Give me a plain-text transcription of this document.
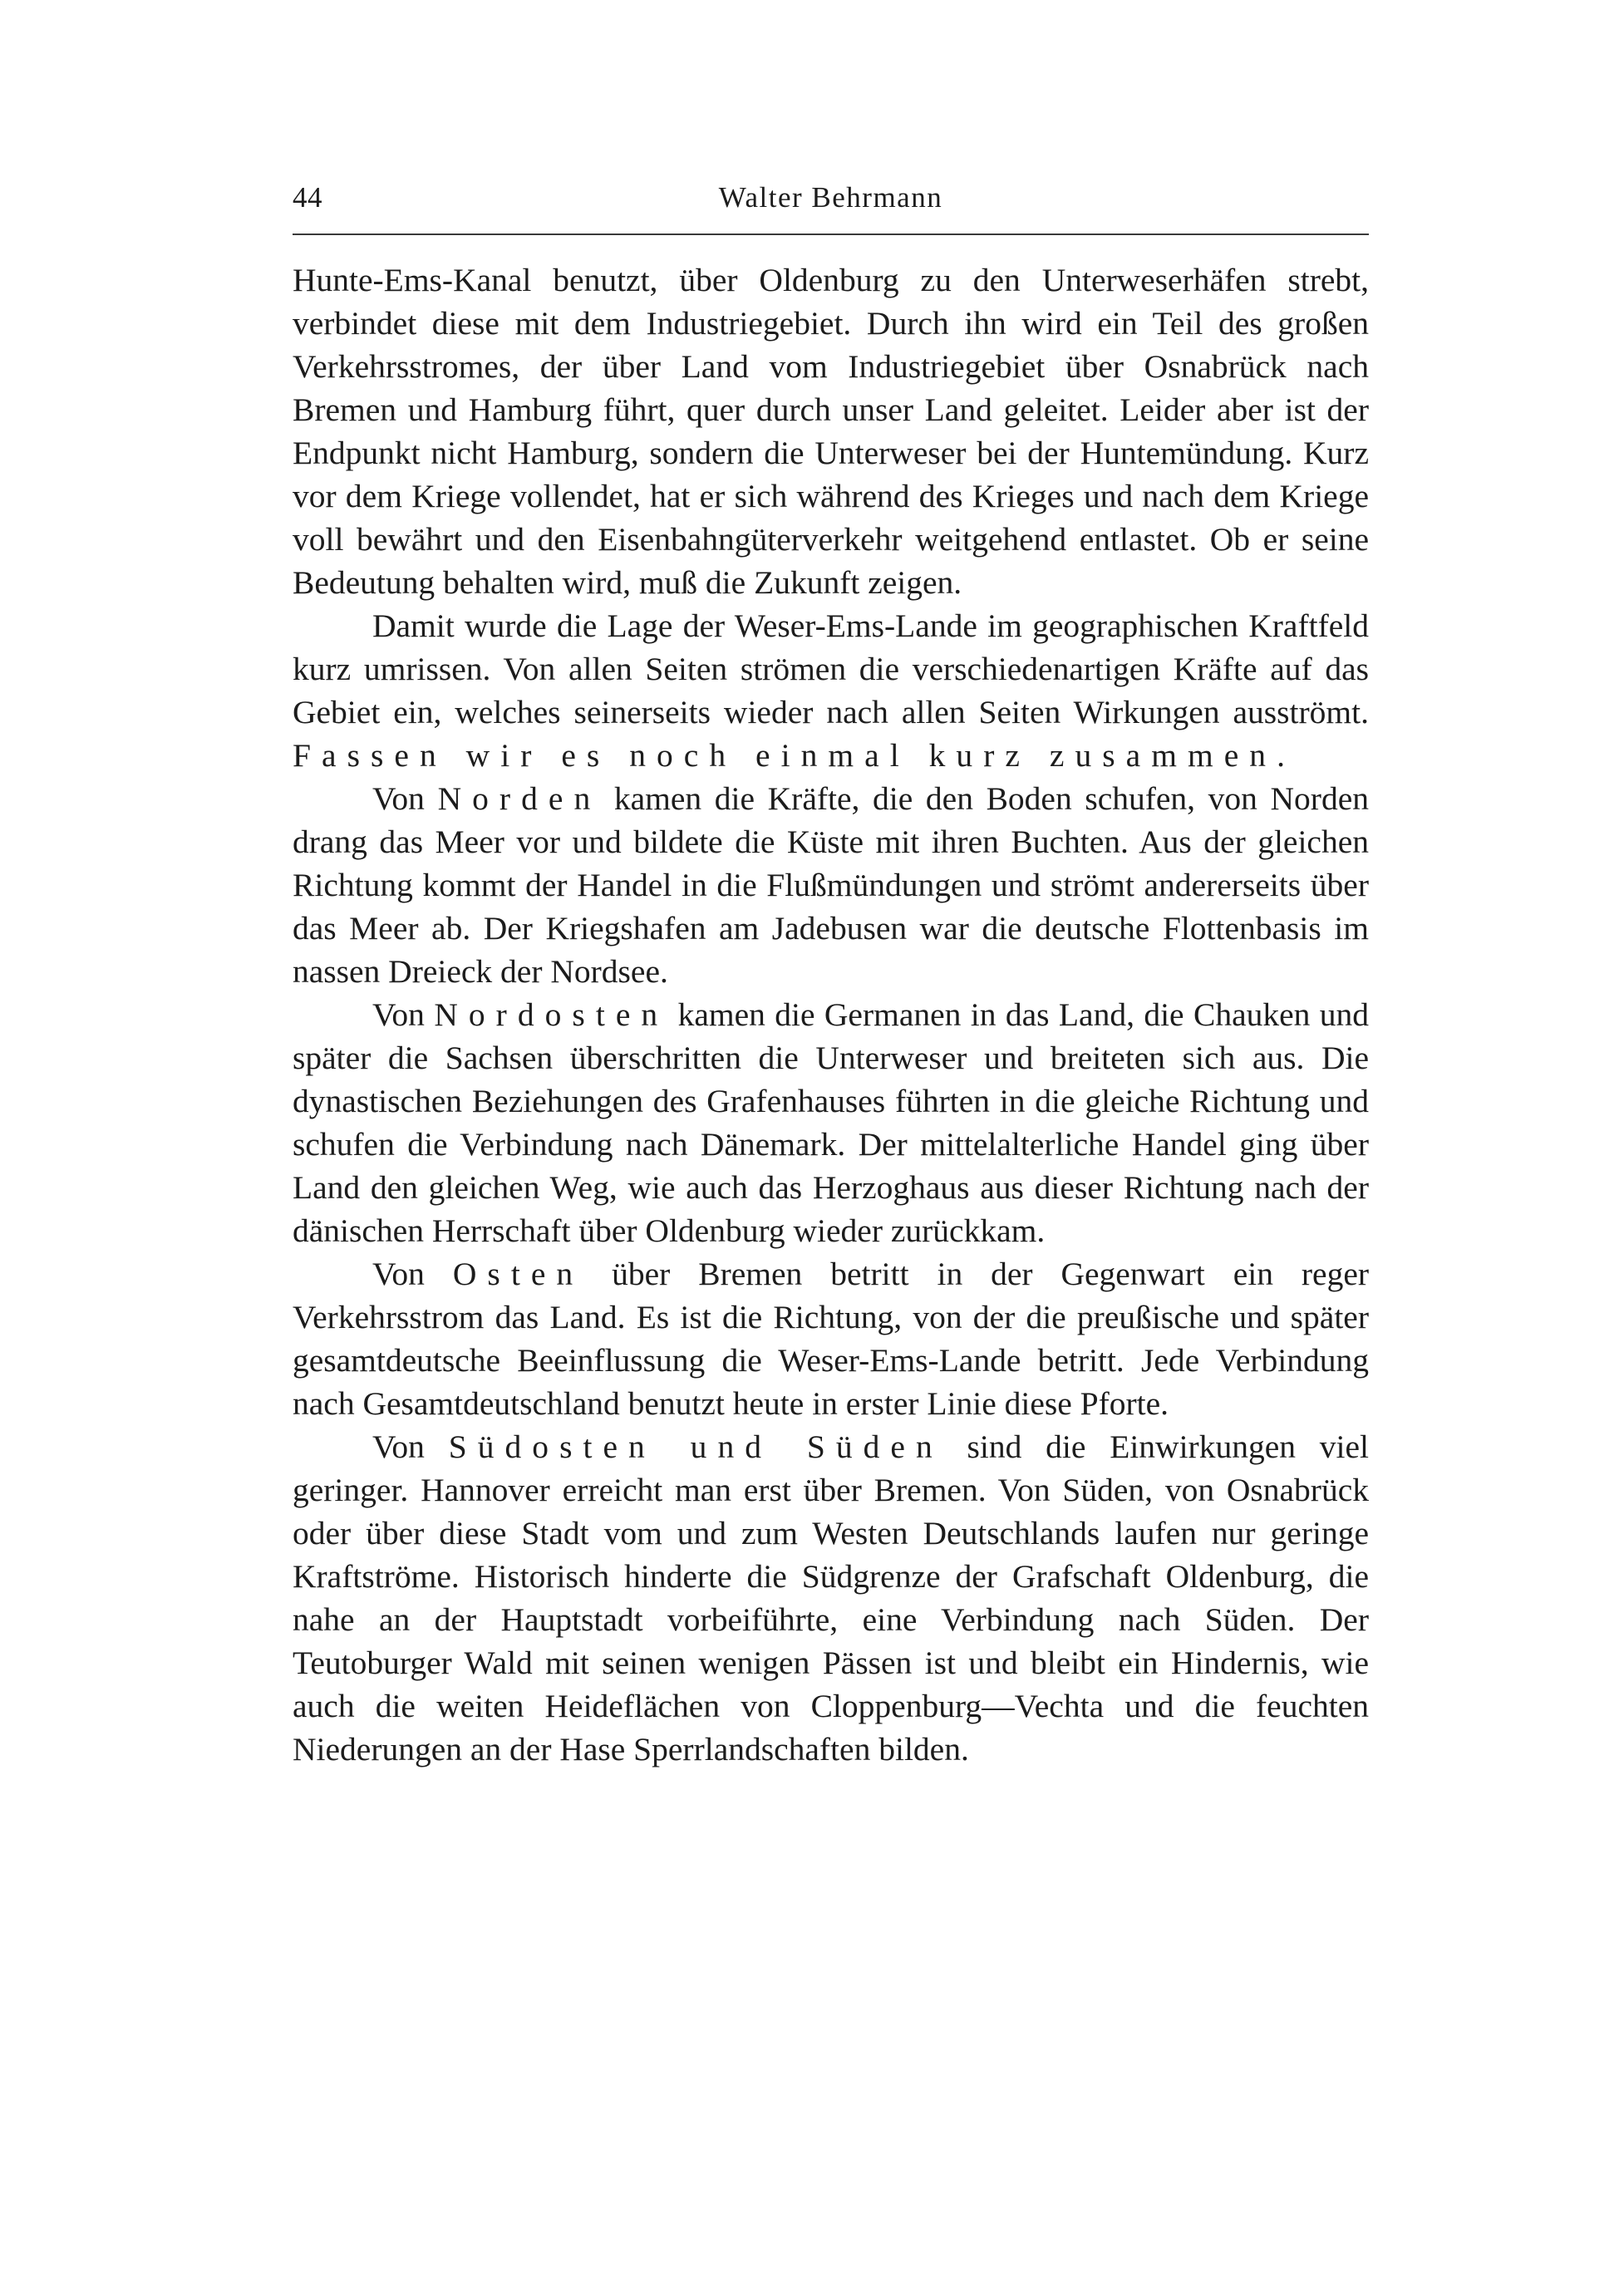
44	Walter Behrmann

Hunte-Ems-Kanal benutzt, über Oldenburg zu den Unterweserhäfen strebt, verbindet diese mit dem Industriegebiet. Durch ihn wird ein Teil des großen Verkehrsstromes, der über Land vom Industriegebiet über Osnabrück nach Bremen und Hamburg führt, quer durch unser Land geleitet. Leider aber ist der Endpunkt nicht Hamburg, sondern die Unterweser bei der Huntemündung. Kurz vor dem Kriege vollendet, hat er sich während des Krieges und nach dem Kriege voll bewährt und den Eisenbahngüterverkehr weitgehend entlastet. Ob er seine Bedeutung behalten wird, muß die Zukunft zeigen.

Damit wurde die Lage der Weser-Ems-Lande im geographischen Kraftfeld kurz umrissen. Von allen Seiten strömen die verschiedenartigen Kräfte auf das Gebiet ein, welches seinerseits wieder nach allen Seiten Wirkungen ausströmt. Fassen wir es noch einmal kurz zusammen.

Von Norden kamen die Kräfte, die den Boden schufen, von Norden drang das Meer vor und bildete die Küste mit ihren Buchten. Aus der gleichen Richtung kommt der Handel in die Flußmündungen und strömt andererseits über das Meer ab. Der Kriegshafen am Jadebusen war die deutsche Flottenbasis im nassen Dreieck der Nordsee.

Von Nordosten kamen die Germanen in das Land, die Chauken und später die Sachsen überschritten die Unterweser und breiteten sich aus. Die dynastischen Beziehungen des Grafenhauses führten in die gleiche Richtung und schufen die Verbindung nach Dänemark. Der mittelalterliche Handel ging über Land den gleichen Weg, wie auch das Herzoghaus aus dieser Richtung nach der dänischen Herrschaft über Oldenburg wieder zurückkam.

Von Osten über Bremen betritt in der Gegenwart ein reger Verkehrsstrom das Land. Es ist die Richtung, von der die preußische und später gesamtdeutsche Beeinflussung die Weser-Ems-Lande betritt. Jede Verbindung nach Gesamtdeutschland benutzt heute in erster Linie diese Pforte.

Von Südosten und Süden sind die Einwirkungen viel geringer. Hannover erreicht man erst über Bremen. Von Süden, von Osnabrück oder über diese Stadt vom und zum Westen Deutschlands laufen nur geringe Kraftströme. Historisch hinderte die Südgrenze der Grafschaft Oldenburg, die nahe an der Hauptstadt vorbeiführte, eine Verbindung nach Süden. Der Teutoburger Wald mit seinen wenigen Pässen ist und bleibt ein Hindernis, wie auch die weiten Heideflächen von Cloppenburg—Vechta und die feuchten Niederungen an der Hase Sperrlandschaften bilden.
